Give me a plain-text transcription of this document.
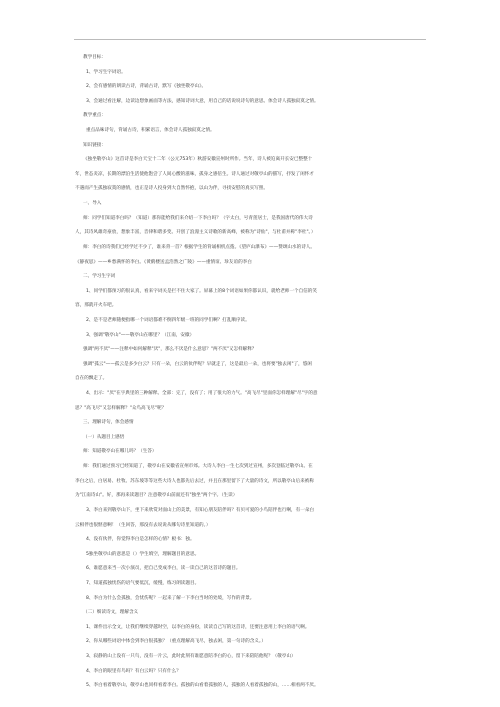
教学目标：
1、学习生字词语。
2、会有感情的朗读古诗，背诵古诗，默写《独坐敬亭山》。
3、会通过看注解，边读边想象画面等方法，感知诗词大意，用自己的话说说诗句的意思。体会诗人孤独寂寞之情。
教学重点：
重点品味诗句，背诵古诗，积累语言，体会诗人孤独寂寞之情。
知识链接：
《独坐敬亭山》这首诗是李白天宝十二年（公元753年）秋游安徽宣州时所作。当年，诗人被迫离开长安已整整十
年，世态炎凉，长期的漂泊生活使他饱尝了人间心酸的滋味，孤身之感倍生。诗人通过对敬亭山的描写，抒发了闲怀才
不遇而产生孤独寂寞的感情，也正是诗人投身到大自然怀抱，以山为伴，寻找安慰的真实写照。
一、导入
师：同学们知道李白吗？（知道）那你能给我们来介绍一下李白吗？（字太白，号青莲居士，是我国唐代的伟大诗
人，其诗风雄奇豪放，想象丰富，音律和谐多变。开创了浪漫主义诗歌的新高峰，被称为"诗仙"，与杜甫并称"李杜"。）
师：李白的诗我们已经学过不少了，谁来背一首？根据学生的背诵相机点拨。《望庐山瀑布》——赞颂山水的诗人。
《静夜思》——乡愁满怀的李白。《黄鹤楼送孟浩然之广陵》——重情谊、珍友谊的李白
二、学习生字词
1、同学们都预习的很认真，看来字词关是拦不住大家了。屏幕上的8个词语如果你都认识，就给老师一个自信的笑
容，那就开火车吧。
2、是不是老师随便指哪一个词语都难不倒四年级一班的同学们啊？打乱顺序读。
3、强调"敬亭山"——敬亭山在哪里？（江南，安徽）
强调"两不厌"——注释中如何解释"厌"，那么不厌是什么意思？"两不厌"又怎样解释？
强调"孤云"——孤云是多少白云？只有一朵，白云的伙伴呢？早就走了，这是最后一朵，也将要"独去闲"了，悠闲
自在的飘走了。
4、出示："厌"在字典里的三种解释。全部：完了，没有了；用了很大的力气。"高飞尽"里面你怎样理解"尽"字的意
思？"高飞尽"又怎样解释？"众鸟高飞尽"呢？
三、理解诗句，体会感情
（一）从题目上感悟
师：知道敬亭山在哪儿吗？（生答）
师：我们通过预习已经知道了，敬亭山在安徽省宣州市郊。大诗人李白一生七次到过宣州，多次登临过敬亭山。在
李白之后，白居易、杜牧、苏东坡等等这些大诗人也都先后去过，并且在那里留下了大量的诗文，所以敬亭山后来被称
为"江南诗山"。好，那再来读题目？注意敬亭山前面还有"独坐"两个字。（生读）
3、李白来到敬亭山下，坐下来欣赏对面山上的美景，有知心朋友陪伴吗？有贝可爱的小鸟陪伴也行啊，有一朵白
云相伴也很惬意啊！（生回答，那没有去说说从哪句诗里知道的。）
4、没有伙伴，你觉得李白是怎样的心情？板书：独。
5独坐敬亭山的意思是（）学生填空，理解题目的意思。
6、谁愿意来当一次小演员，把自己变成李白，读一读自己的这首诗的题目。
7、知道孤独忧伤的语气要低沉，缓慢，练习朗读题目。
8、李白为什么会孤独，会忧伤呢？一起来了解一下李白当时的处境，写作的背景。
（二）细读诗文，理解含义
1、课件出示全文，让我们继续穿越时空，以李白的身份，读读自己写的这首诗，还要注意用上李白的语气啊。
2、你从哪些词语中体会到李白很孤独？（重点理解高飞尽，独去闲，第一句诗的含义。）
3、寂静的山上没有一只鸟，没有一片云，此时此刻有谁愿意陪李白的心，留下来陪陪他呢？（敬亭山）
4、李白的眼里有鸟吗？有白云吗？只有什么？
5、李白看着敬亭山，敬亭山也同样看着李白。孤独的山看着孤独的人，孤独的人看着孤独的山，……相看两不厌。
